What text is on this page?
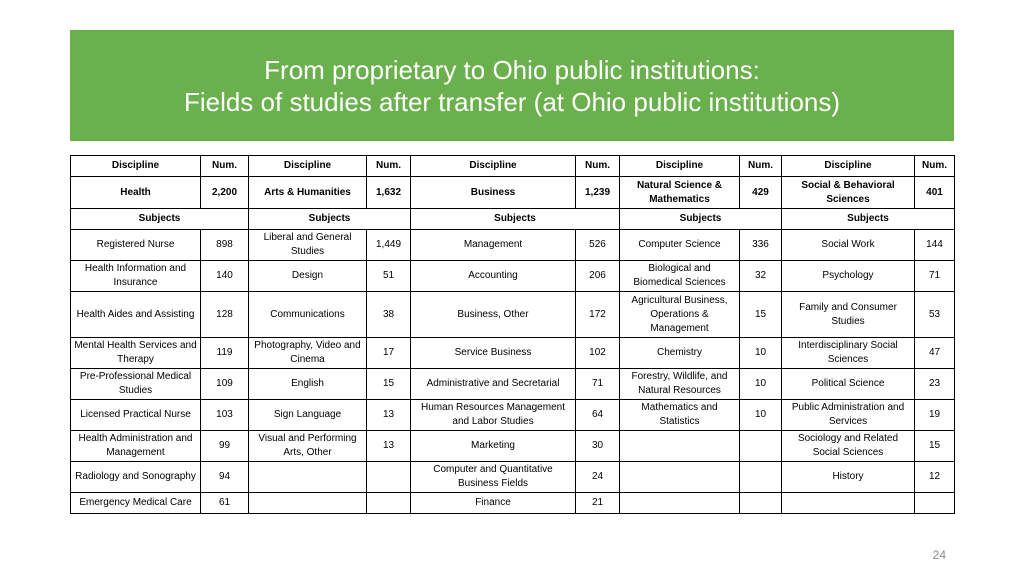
From proprietary to Ohio public institutions:
Fields of studies after transfer (at Ohio public institutions)
Discipline	Num.	Discipline	Num.	Discipline	Num.	Discipline	Num.	Discipline	Num.
Health	2,200	Arts & Humanities	1,632	Business	1,239	Natural Science & Mathematics	429	Social & Behavioral Sciences	401
Subjects		Subjects		Subjects		Subjects		Subjects	
Registered Nurse	898	Liberal and General Studies	1,449	Management	526	Computer Science	336	Social Work	144
Health Information and Insurance	140	Design	51	Accounting	206	Biological and Biomedical Sciences	32	Psychology	71
Health Aides and Assisting	128	Communications	38	Business, Other	172	Agricultural Business, Operations & Management	15	Family and Consumer Studies	53
Mental Health Services and Therapy	119	Photography, Video and Cinema	17	Service Business	102	Chemistry	10	Interdisciplinary Social Sciences	47
Pre-Professional Medical Studies	109	English	15	Administrative and Secretarial	71	Forestry, Wildlife, and Natural Resources	10	Political Science	23
Licensed Practical Nurse	103	Sign Language	13	Human Resources Management and Labor Studies	64	Mathematics and Statistics	10	Public Administration and Services	19
Health Administration and Management	99	Visual and Performing Arts, Other	13	Marketing	30			Sociology and Related Social Sciences	15
Radiology and Sonography	94			Computer and Quantitative Business Fields	24			History	12
Emergency Medical Care	61			Finance	21				
24
